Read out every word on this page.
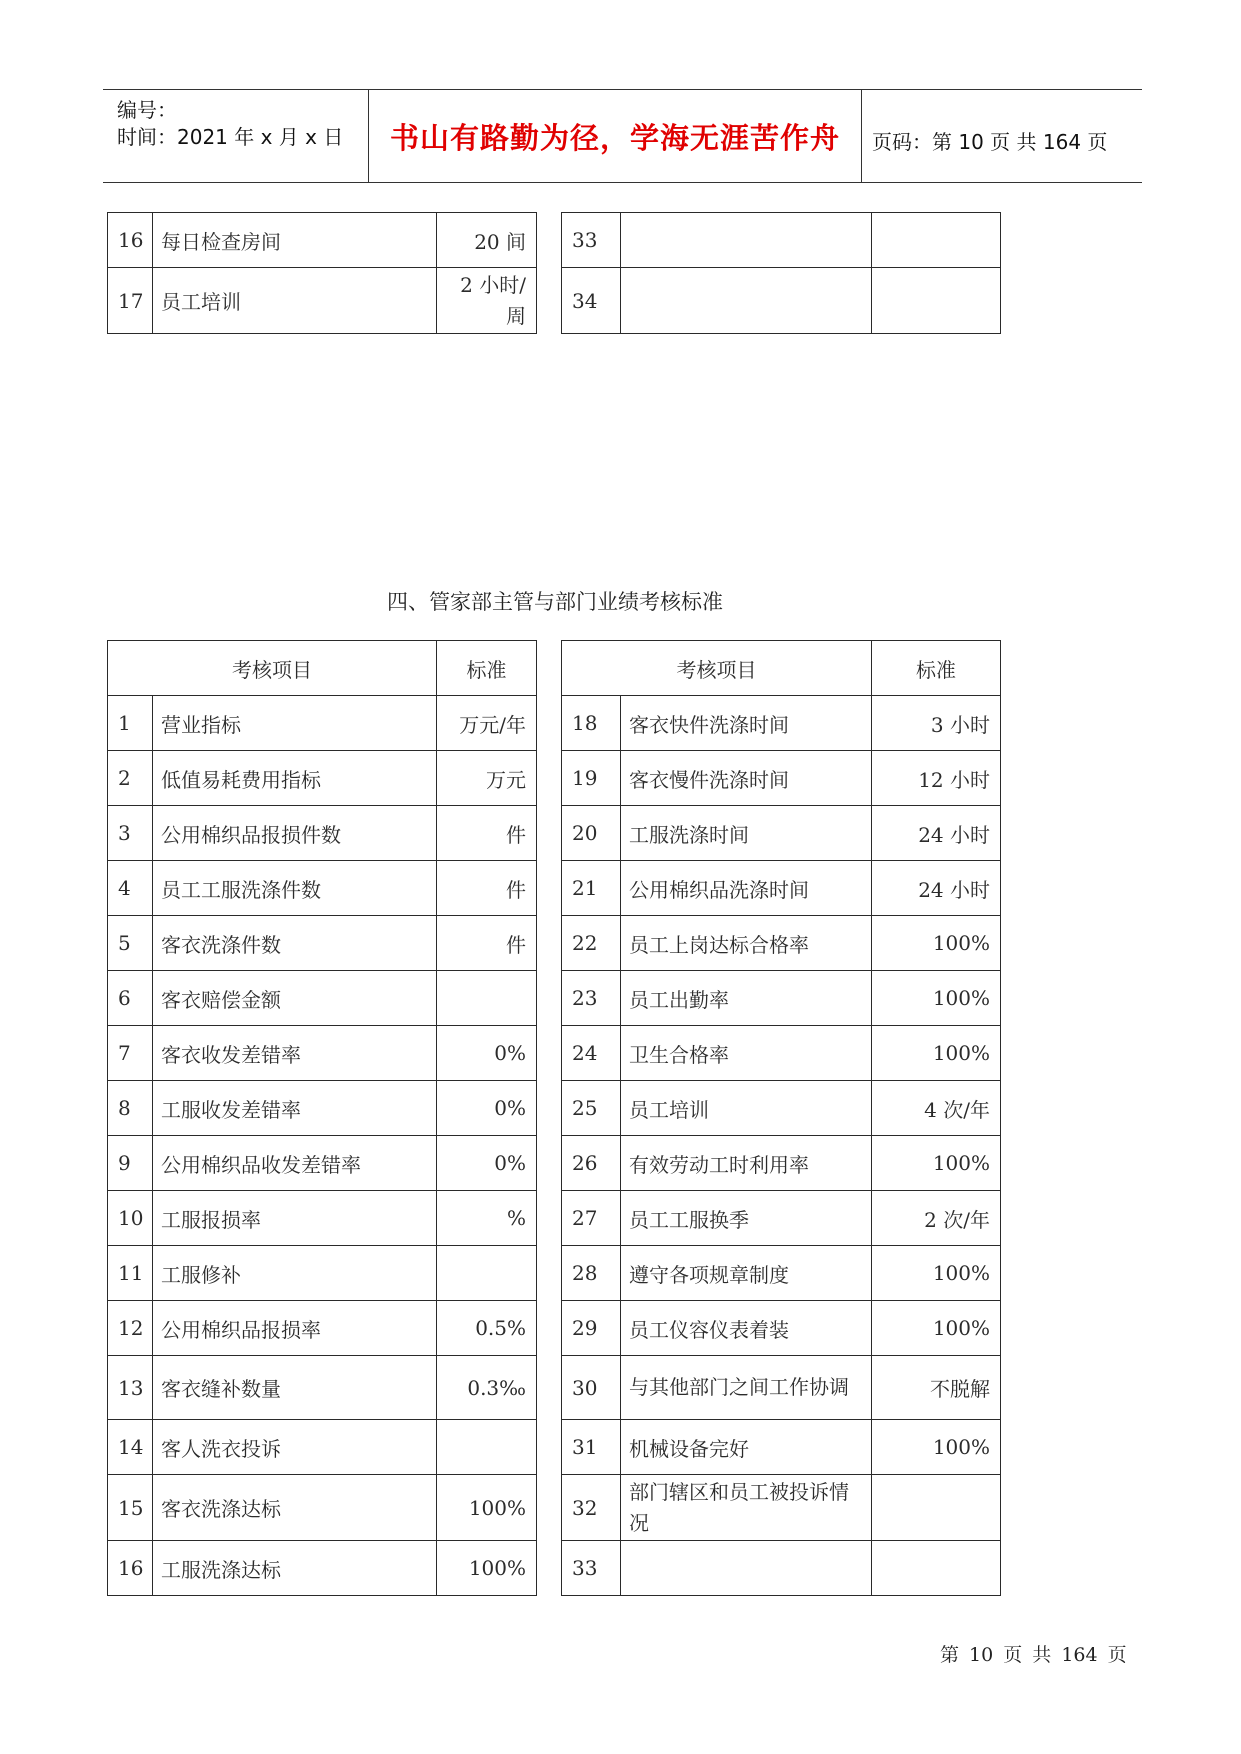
编号：
时间：2021 年 x 月 x 日	书山有路勤为径，学海无涯苦作舟	页码：第 10 页 共 164 页
16	每日检查房间	20 间		33		
17	员工培训	2 小时/周		34		
四、管家部主管与部门业绩考核标准
考核项目		标准		考核项目		标准
1	营业指标	万元/年		18	客衣快件洗涤时间	3 小时
2	低值易耗费用指标	万元		19	客衣慢件洗涤时间	12 小时
3	公用棉织品报损件数	件		20	工服洗涤时间	24 小时
4	员工工服洗涤件数	件		21	公用棉织品洗涤时间	24 小时
5	客衣洗涤件数	件		22	员工上岗达标合格率	100%
6	客衣赔偿金额			23	员工出勤率	100%
7	客衣收发差错率	0%		24	卫生合格率	100%
8	工服收发差错率	0%		25	员工培训	4 次/年
9	公用棉织品收发差错率	0%		26	有效劳动工时利用率	100%
10	工服报损率	%		27	员工工服换季	2 次/年
11	工服修补			28	遵守各项规章制度	100%
12	公用棉织品报损率	0.5%		29	员工仪容仪表着装	100%
13	客衣缝补数量	0.3‰		30	与其他部门之间工作协调	不脱解
14	客人洗衣投诉			31	机械设备完好	100%
15	客衣洗涤达标	100%		32	部门辖区和员工被投诉情况	
16	工服洗涤达标	100%		33		
第 10 页 共 164 页
